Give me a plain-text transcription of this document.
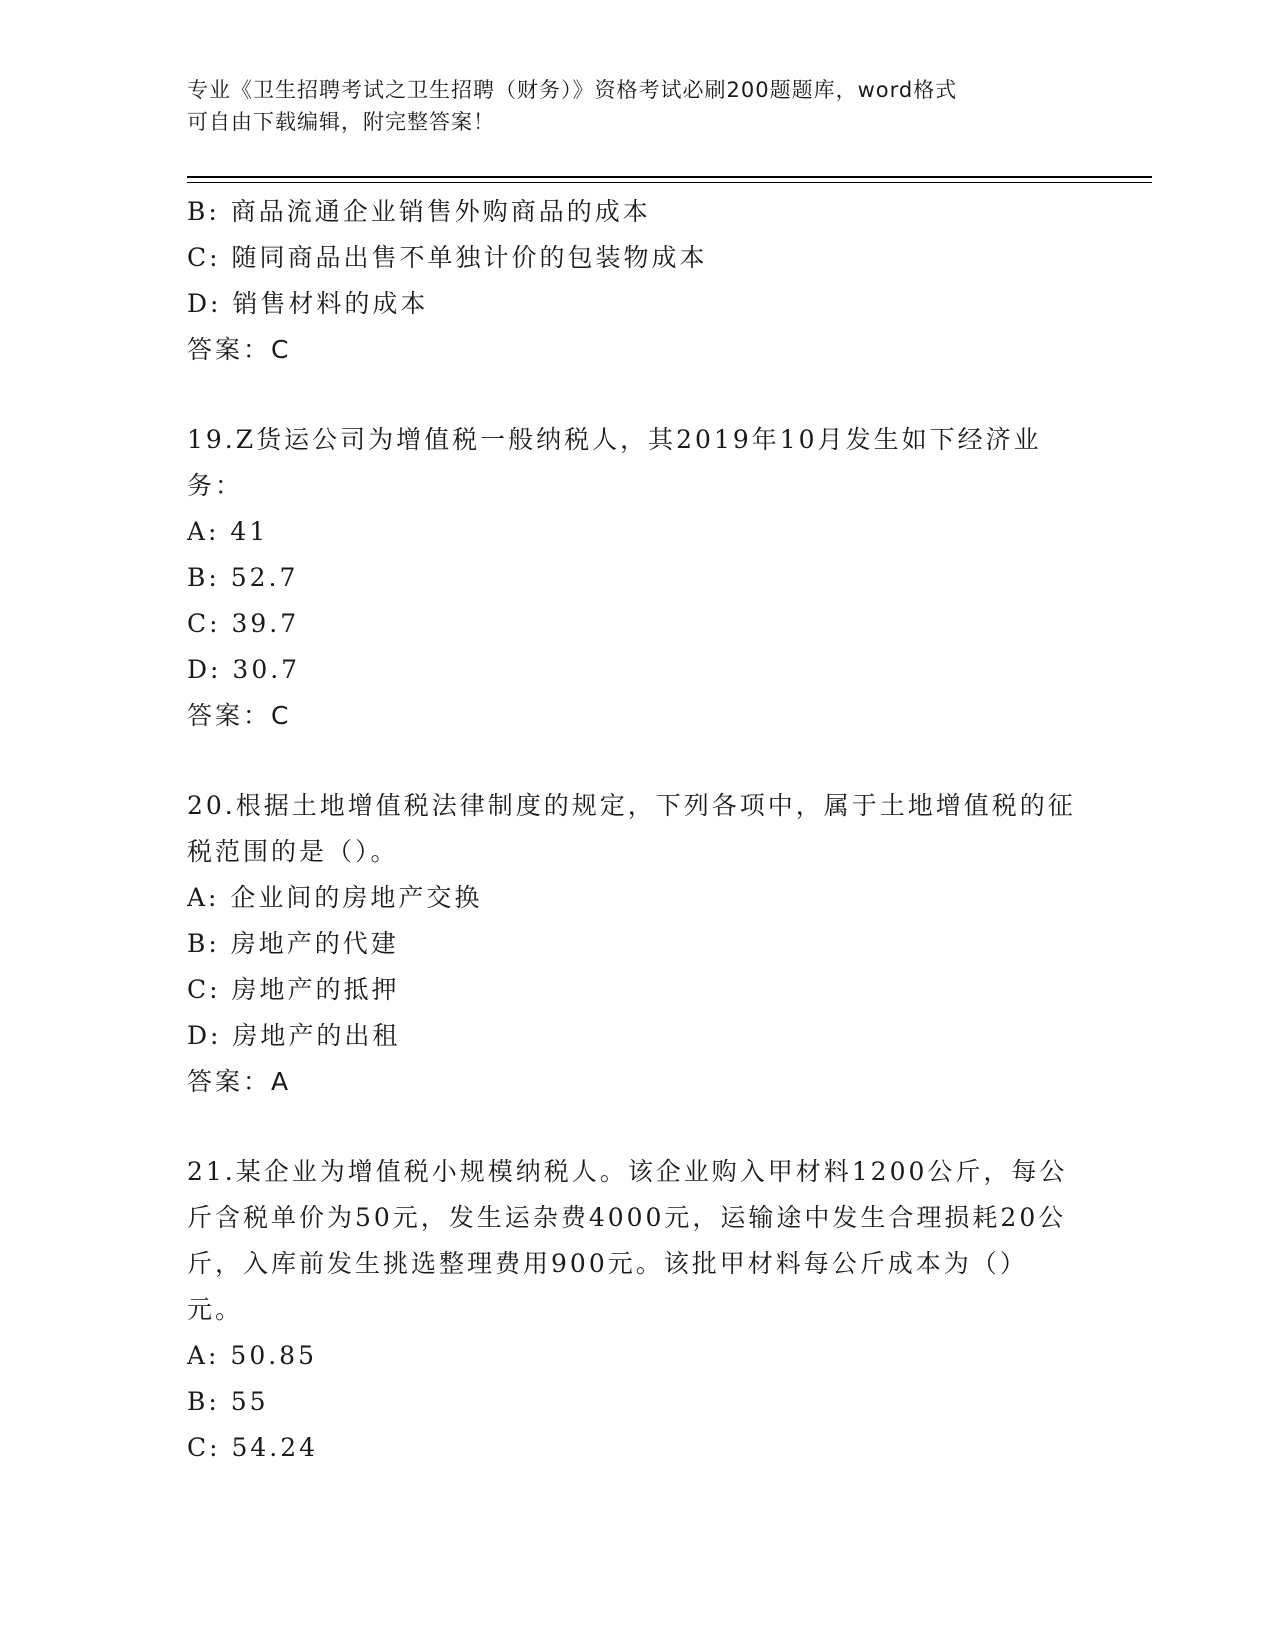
专业《卫生招聘考试之卫生招聘（财务）》资格考试必刷200题题库，word格式
可自由下载编辑，附完整答案！
B: 商品流通企业销售外购商品的成本
C: 随同商品出售不单独计价的包装物成本
D: 销售材料的成本
答案：C
19.Z货运公司为增值税一般纳税人，其2019年10月发生如下经济业务：
A: 41
B: 52.7
C: 39.7
D: 30.7
答案：C
20.根据土地增值税法律制度的规定，下列各项中，属于土地增值税的征税范围的是（）。
A: 企业间的房地产交换
B: 房地产的代建
C: 房地产的抵押
D: 房地产的出租
答案：A
21.某企业为增值税小规模纳税人。该企业购入甲材料1200公斤，每公斤含税单价为50元，发生运杂费4000元，运输途中发生合理损耗20公斤，入库前发生挑选整理费用900元。该批甲材料每公斤成本为（）元。
A: 50.85
B: 55
C: 54.24
